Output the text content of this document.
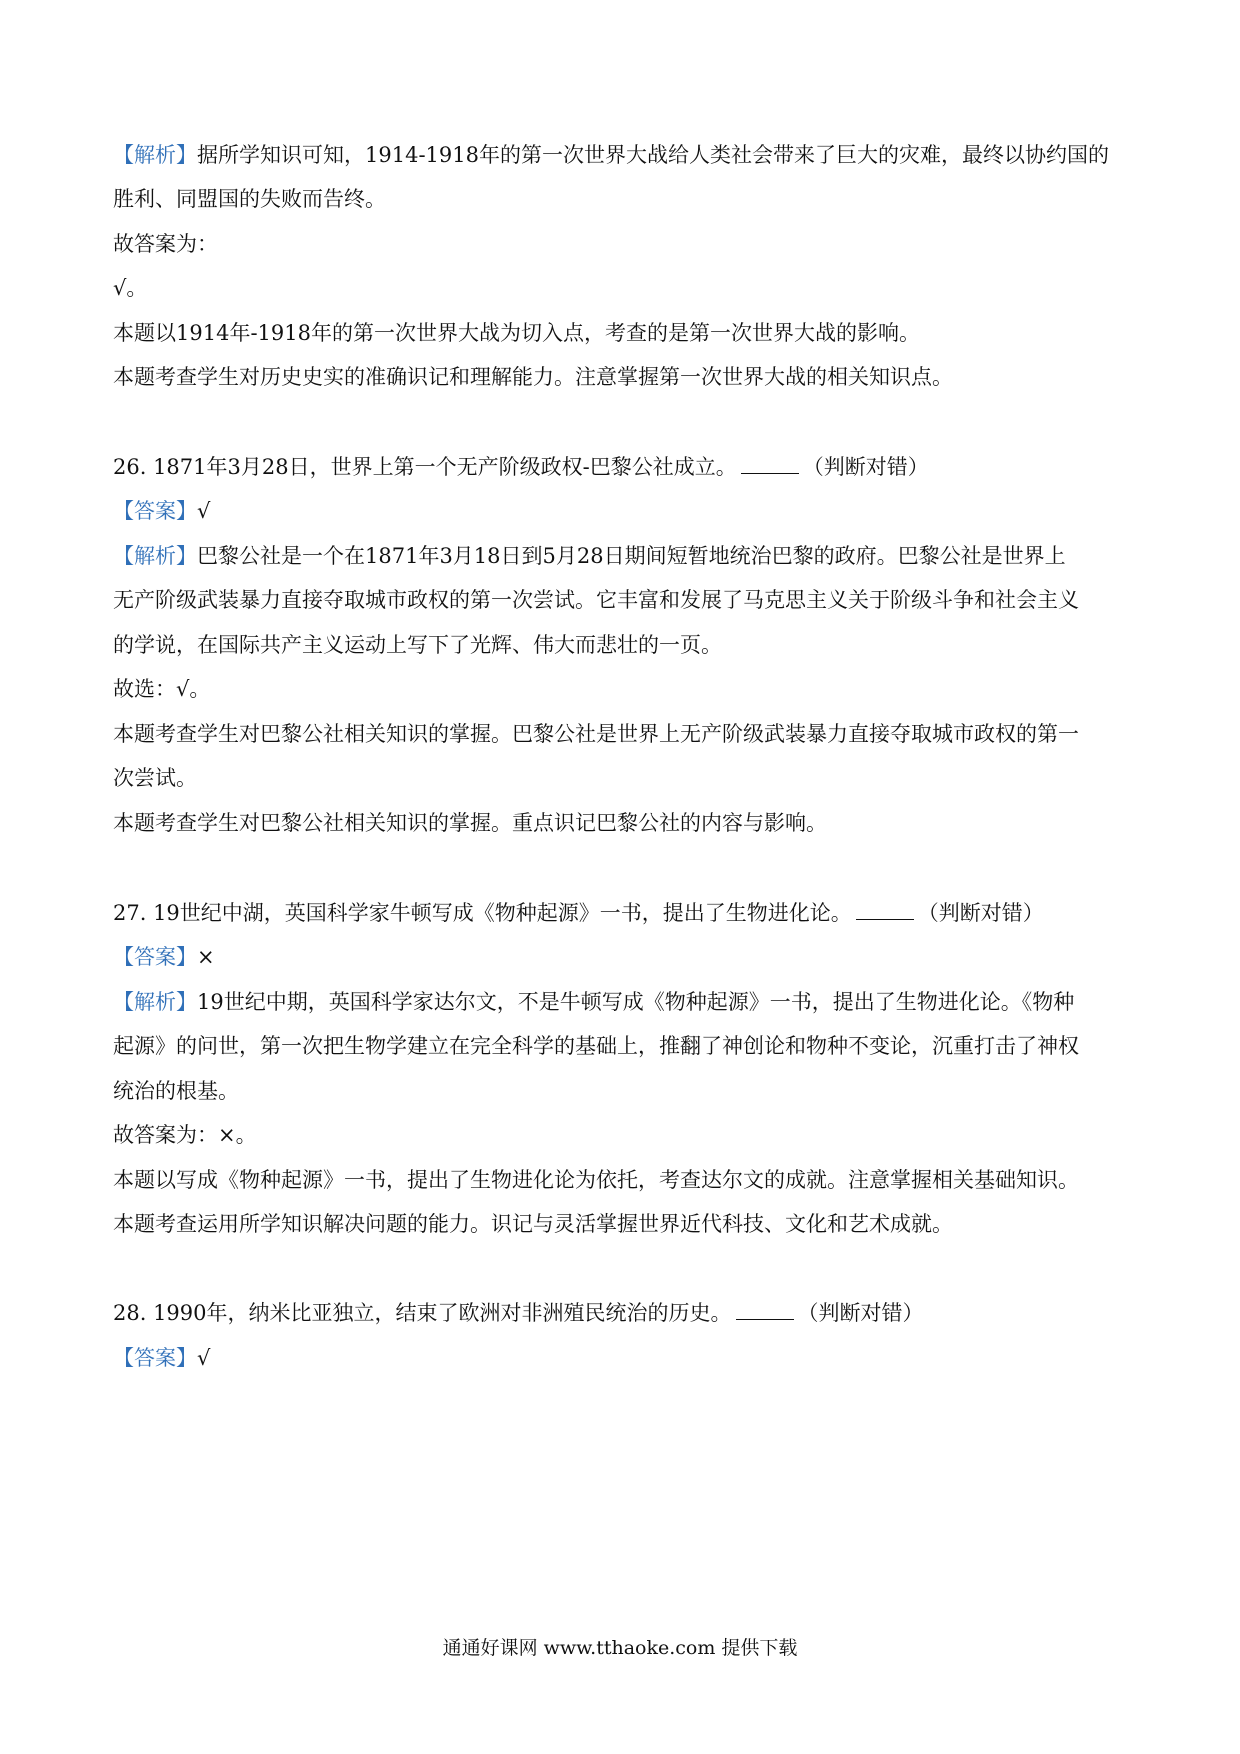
【解析】据所学知识可知，1914-1918年的第一次世界大战给人类社会带来了巨大的灾难，最终以协约国的
胜利、同盟国的失败而告终。
故答案为：
√。
本题以1914年-1918年的第一次世界大战为切入点，考查的是第一次世界大战的影响。
本题考查学生对历史史实的准确识记和理解能力。注意掌握第一次世界大战的相关知识点。
26. 1871年3月28日，世界上第一个无产阶级政权-巴黎公社成立。	（判断对错）
【答案】√
【解析】巴黎公社是一个在1871年3月18日到5月28日期间短暂地统治巴黎的政府。巴黎公社是世界上
无产阶级武装暴力直接夺取城市政权的第一次尝试。它丰富和发展了马克思主义关于阶级斗争和社会主义
的学说，在国际共产主义运动上写下了光辉、伟大而悲壮的一页。
故选：√。
本题考查学生对巴黎公社相关知识的掌握。巴黎公社是世界上无产阶级武装暴力直接夺取城市政权的第一
次尝试。
本题考查学生对巴黎公社相关知识的掌握。重点识记巴黎公社的内容与影响。
27. 19世纪中湖，英国科学家牛顿写成《物种起源》一书，提出了生物进化论。	（判断对错）
【答案】×
【解析】19世纪中期，英国科学家达尔文，不是牛顿写成《物种起源》一书，提出了生物进化论。《物种
起源》的问世，第一次把生物学建立在完全科学的基础上，推翻了神创论和物种不变论，沉重打击了神权
统治的根基。
故答案为：×。
本题以写成《物种起源》一书，提出了生物进化论为依托，考查达尔文的成就。注意掌握相关基础知识。
本题考查运用所学知识解决问题的能力。识记与灵活掌握世界近代科技、文化和艺术成就。
28. 1990年，纳米比亚独立，结束了欧洲对非洲殖民统治的历史。	（判断对错）
【答案】√
通通好课网 www.tthaoke.com 提供下载
